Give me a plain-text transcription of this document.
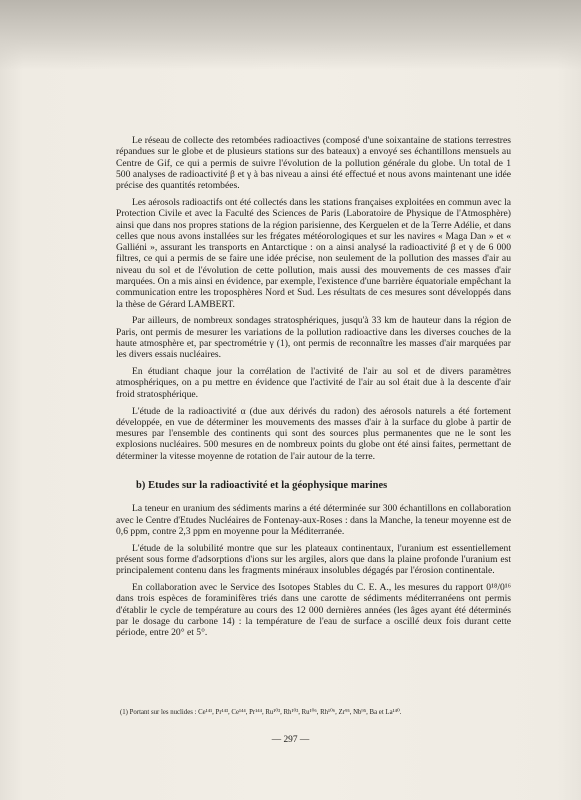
Le réseau de collecte des retombées radioactives (composé d'une soixantaine de stations terrestres répandues sur le globe et de plusieurs stations sur des bateaux) a envoyé ses échantillons mensuels au Centre de Gif, ce qui a permis de suivre l'évolution de la pollution générale du globe. Un total de 1 500 analyses de radioactivité β et γ à bas niveau a ainsi été effectué et nous avons maintenant une idée précise des quantités retombées.

Les aérosols radioactifs ont été collectés dans les stations françaises exploitées en commun avec la Protection Civile et avec la Faculté des Sciences de Paris (Laboratoire de Physique de l'Atmosphère) ainsi que dans nos propres stations de la région parisienne, des Kerguelen et de la Terre Adélie, et dans celles que nous avons installées sur les frégates météorologiques et sur les navires « Maga Dan » et « Galliéni », assurant les transports en Antarctique : on a ainsi analysé la radioactivité β et γ de 6 000 filtres, ce qui a permis de se faire une idée précise, non seulement de la pollution des masses d'air au niveau du sol et de l'évolution de cette pollution, mais aussi des mouvements de ces masses d'air marquées. On a mis ainsi en évidence, par exemple, l'existence d'une barrière équatoriale empêchant la communication entre les troposphères Nord et Sud. Les résultats de ces mesures sont développés dans la thèse de Gérard LAMBERT.

Par ailleurs, de nombreux sondages stratosphériques, jusqu'à 33 km de hauteur dans la région de Paris, ont permis de mesurer les variations de la pollution radioactive dans les diverses couches de la haute atmosphère et, par spectrométrie γ (1), ont permis de reconnaître les masses d'air marquées par les divers essais nucléaires.

En étudiant chaque jour la corrélation de l'activité de l'air au sol et de divers paramètres atmosphériques, on a pu mettre en évidence que l'activité de l'air au sol était due à la descente d'air froid stratosphérique.

L'étude de la radioactivité α (due aux dérivés du radon) des aérosols naturels a été fortement développée, en vue de déterminer les mouvements des masses d'air à la surface du globe à partir de mesures par l'ensemble des continents qui sont des sources plus permanentes que ne le sont les explosions nucléaires. 500 mesures en de nombreux points du globe ont été ainsi faites, permettant de déterminer la vitesse moyenne de rotation de l'air autour de la terre.

b) Etudes sur la radioactivité et la géophysique marines

La teneur en uranium des sédiments marins a été déterminée sur 300 échantillons en collaboration avec le Centre d'Etudes Nucléaires de Fontenay-aux-Roses : dans la Manche, la teneur moyenne est de 0,6 ppm, contre 2,3 ppm en moyenne pour la Méditerranée.

L'étude de la solubilité montre que sur les plateaux continentaux, l'uranium est essentiellement présent sous forme d'adsorptions d'ions sur les argiles, alors que dans la plaine profonde l'uranium est principalement contenu dans les fragments minéraux insolubles dégagés par l'érosion continentale.

En collaboration avec le Service des Isotopes Stables du C. E. A., les mesures du rapport 0¹⁸/0¹⁶ dans trois espèces de foraminifères triés dans une carotte de sédiments méditerranéens ont permis d'établir le cycle de température au cours des 12 000 dernières années (les âges ayant été déterminés par le dosage du carbone 14) : la température de l'eau de surface a oscillé deux fois durant cette période, entre 20° et 5°.

(1) Portant sur les nuclides : Ce¹⁴¹, Pr¹⁴³, Ce¹⁴⁴, Pr¹⁴⁴, Ru¹⁰³, Rh¹⁰³, Ru¹⁰⁶, Rh¹⁰⁶, Zr⁹⁵, Nb⁹⁵, Ba et La¹⁴⁰.
— 297 —
